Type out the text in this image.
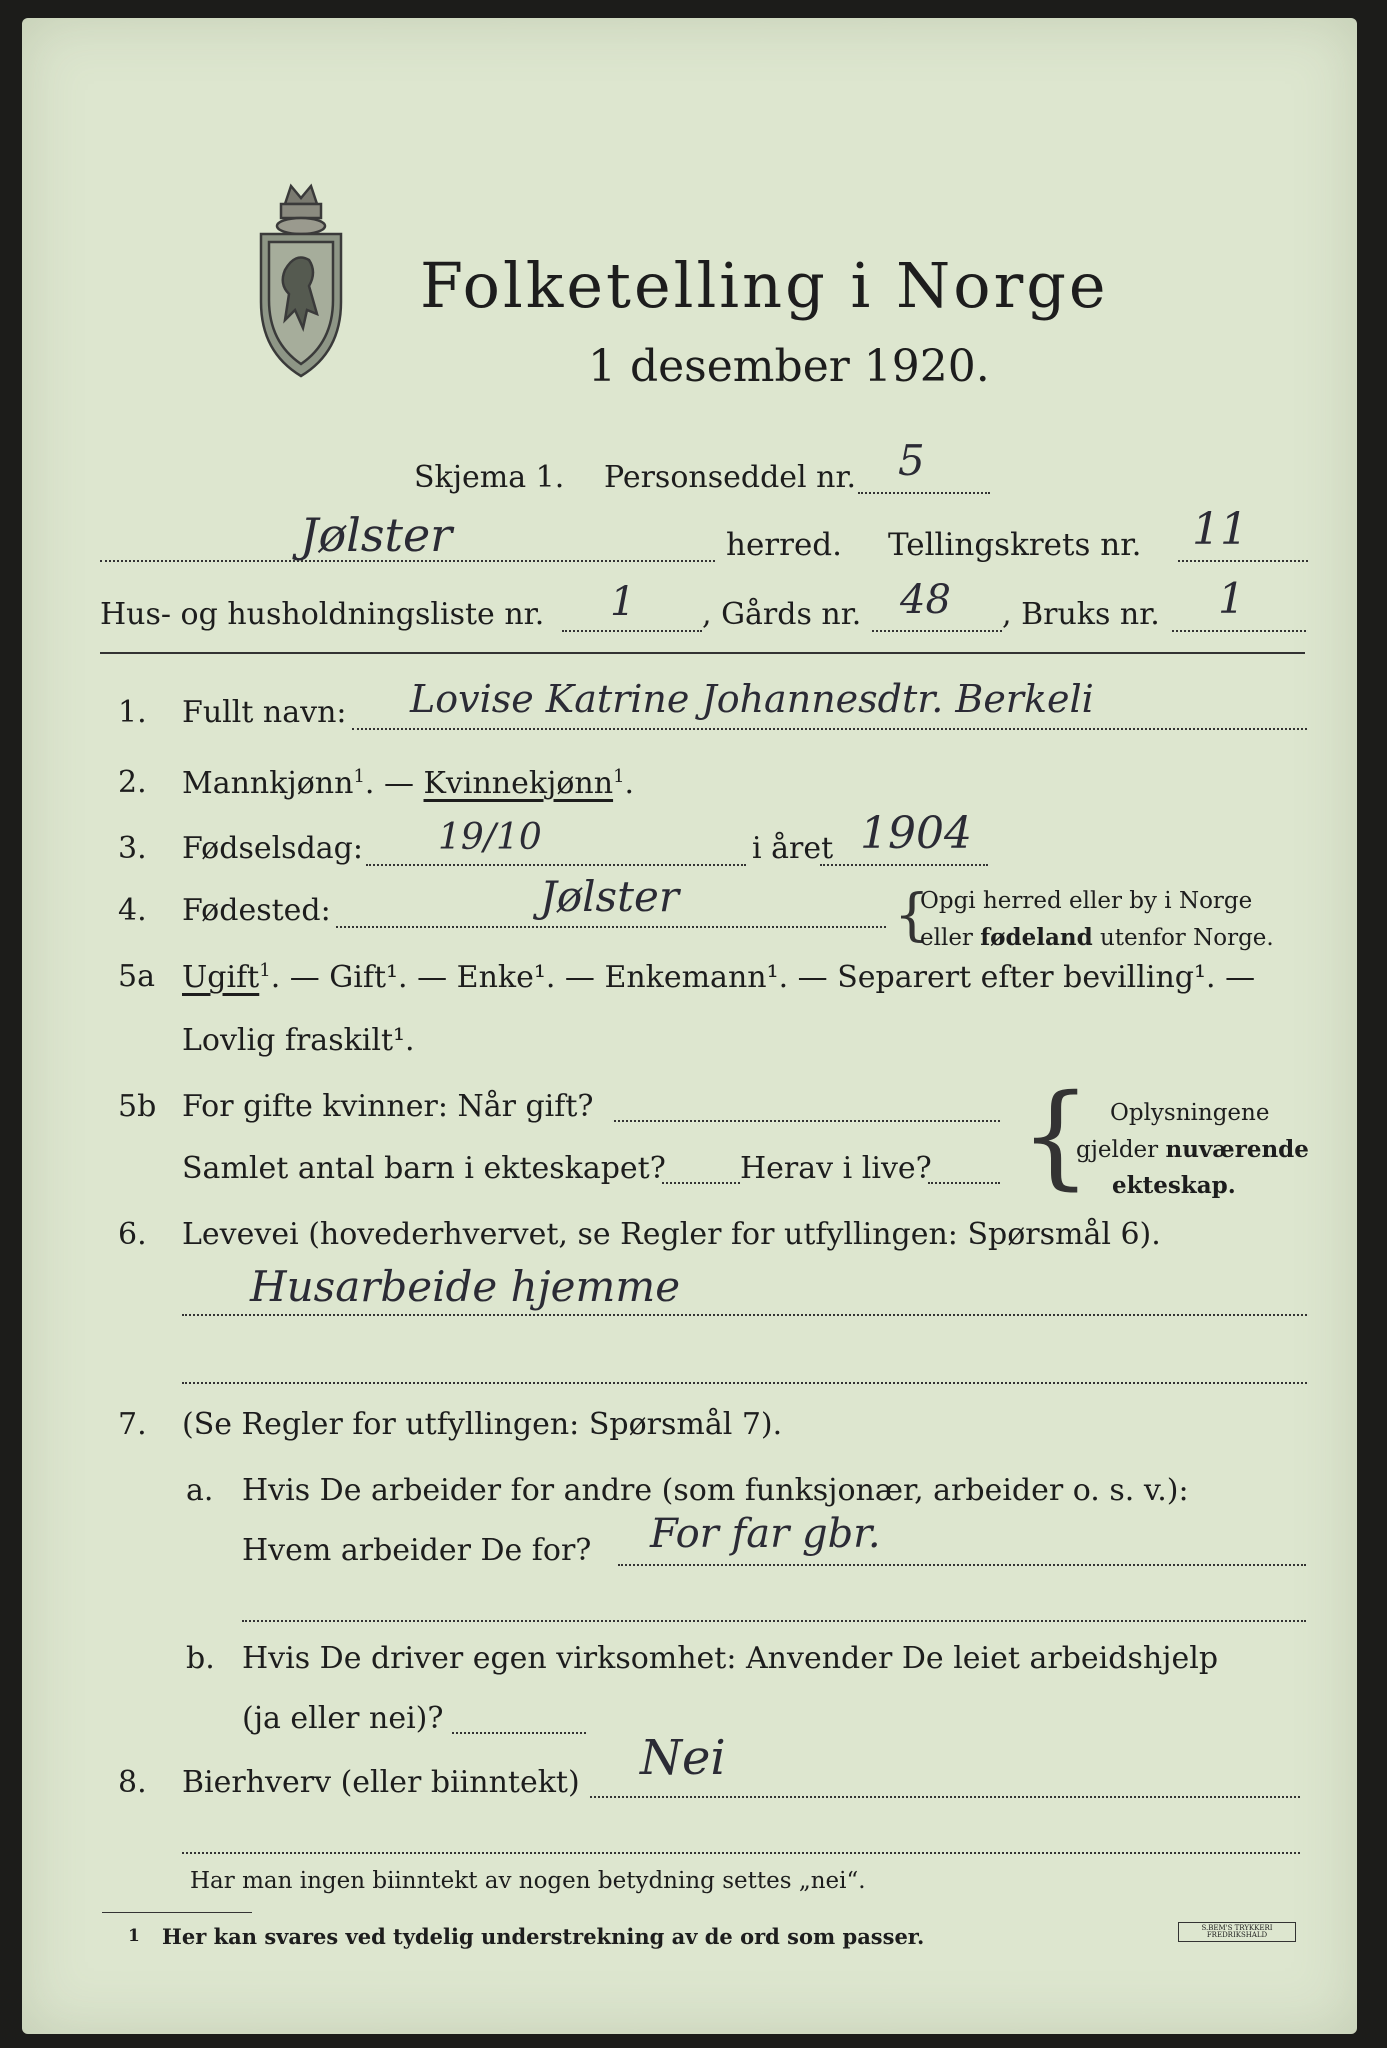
Folketelling i Norge
1 desember 1920.
Skjema 1. Personseddel nr. 5
Jølster	herred. Tellingskrets nr. 11
Hus- og husholdningsliste nr. 1 , Gårds nr. 48 , Bruks nr. 1
1. Fullt navn: Lovise Katrine Johannesdtr. Berkeli
2. Mannkjønn$^1$. — Kvinnekjønn$^1$.
3. Fødselsdag: 19/10	i året 1904
4. Fødested:	Jølster	{
Opgi herred eller by i Norge
eller fødeland utenfor Norge.
5a Ugift$^1$. — Gift¹. — Enke¹. — Enkemann¹. — Separert efter bevilling¹. —
Lovlig fraskilt¹.
5b For gifte kvinner: Når gift?
Samlet antal barn i ekteskapet? Herav i live? { Oplysningene
gjelder nuværende
ekteskap.
6. Levevei (hovederhvervet, se Regler for utfyllingen: Spørsmål 6).
Husarbeide hjemme
7. (Se Regler for utfyllingen: Spørsmål 7).
a. Hvis De arbeider for andre (som funksjonær, arbeider o. s. v.):
Hvem arbeider De for? For far gbr.
b. Hvis De driver egen virksomhet: Anvender De leiet arbeidshjelp
(ja eller nei)?
8. Bierhverv (eller biinntekt) Nei
Har man ingen biinntekt av nogen betydning settes „nei“.
1 Her kan svares ved tydelig understrekning av de ord som passer.	S.BEM'S TRYKKERI FREDRIKSHALD
